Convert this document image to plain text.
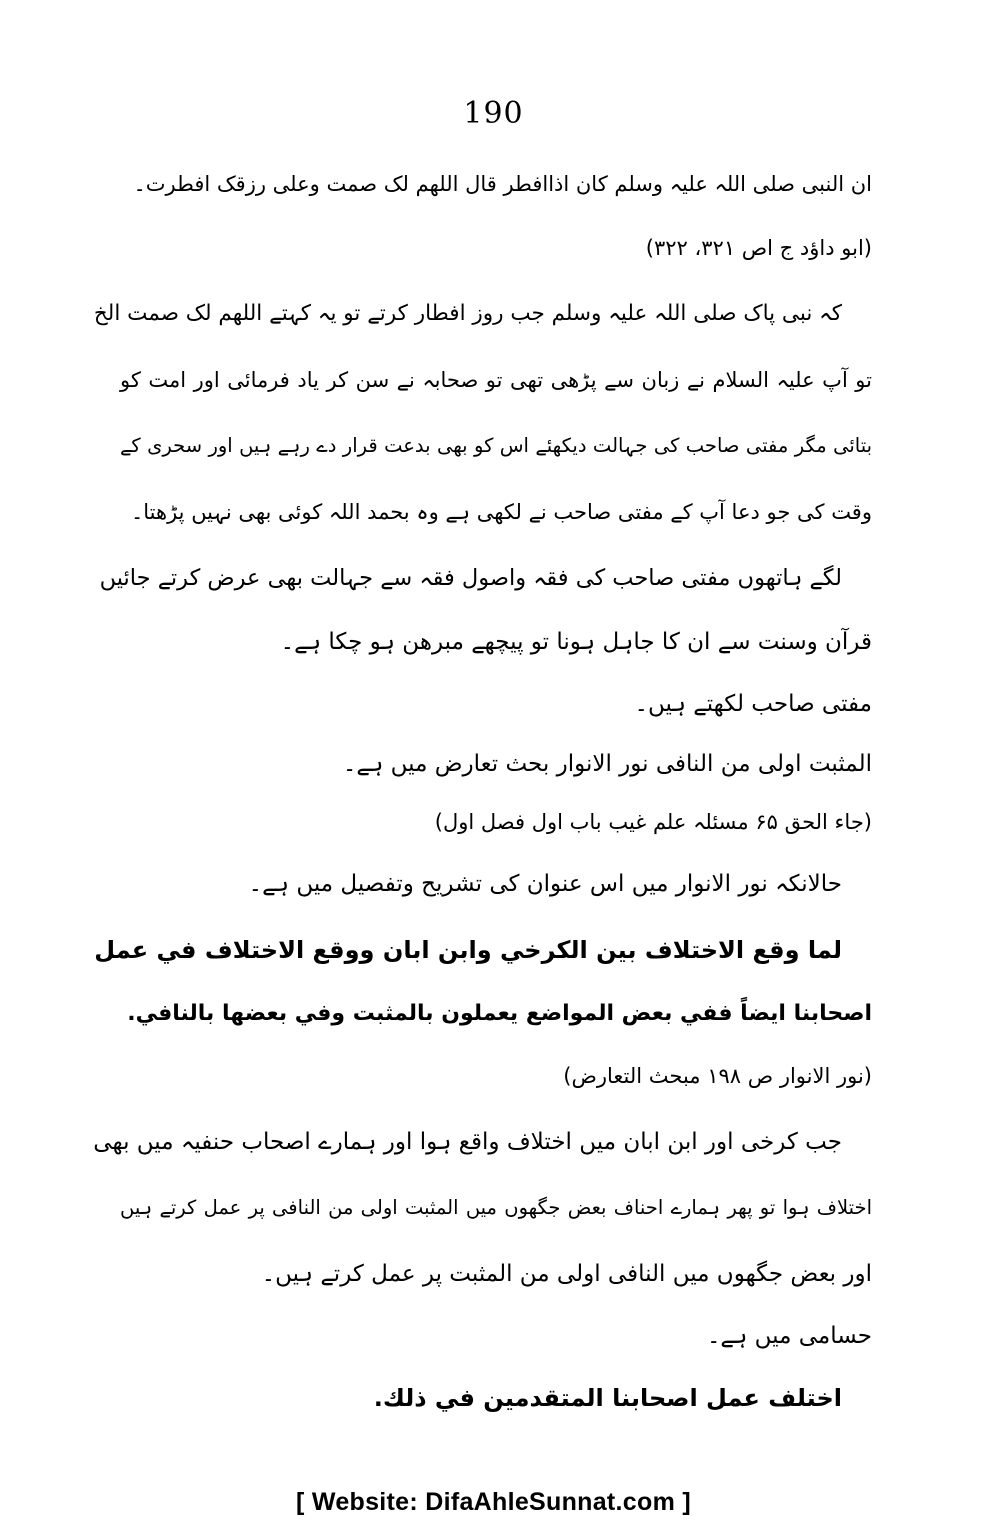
190
ان النبی صلی اللہ علیہ وسلم کان اذاافطر قال اللھم لک صمت وعلی رزقک افطرت۔
(ابو داؤد ج اص ۳۲۱، ۳۲۲)
کہ نبی پاک صلی اللہ علیہ وسلم جب روز افطار کرتے تو یہ کہتے اللھم لک صمت الخ
تو آپ علیہ السلام نے زبان سے پڑھی تھی تو صحابہ نے سن کر یاد فرمائی اور امت کو
بتائی مگر مفتی صاحب کی جہالت دیکھئے اس کو بھی بدعت قرار دے رہے ہیں اور سحری کے
وقت کی جو دعا آپ کے مفتی صاحب نے لکھی ہے وہ بحمد اللہ کوئی بھی نہیں پڑھتا۔
لگے ہاتھوں مفتی صاحب کی فقہ واصول فقہ سے جہالت بھی عرض کرتے جائیں
قرآن وسنت سے ان کا جاہل ہونا تو پیچھے مبرھن ہو چکا ہے۔
مفتی صاحب لکھتے ہیں۔
المثبت اولی من النافی نور الانوار بحث تعارض میں ہے۔
(جاء الحق ۶۵ مسئلہ علم غیب باب اول فصل اول)
حالانکہ نور الانوار میں اس عنوان کی تشریح وتفصیل میں ہے۔
لما وقع الاختلاف بين الكرخي وابن ابان ووقع الاختلاف في عمل
اصحابنا ايضاً ففي بعض المواضع يعملون بالمثبت وفي بعضها بالنافي.
(نور الانوار ص ۱۹۸ مبحث التعارض)
جب کرخی اور ابن ابان میں اختلاف واقع ہوا اور ہمارے اصحاب حنفیہ میں بھی
اختلاف ہوا تو پھر ہمارے احناف بعض جگھوں میں المثبت اولی من النافی پر عمل کرتے ہیں
اور بعض جگھوں میں النافی اولی من المثبت پر عمل کرتے ہیں۔
حسامی میں ہے۔
اختلف عمل اصحابنا المتقدمين في ذلك.
[ Website: DifaAhleSunnat.com ]
